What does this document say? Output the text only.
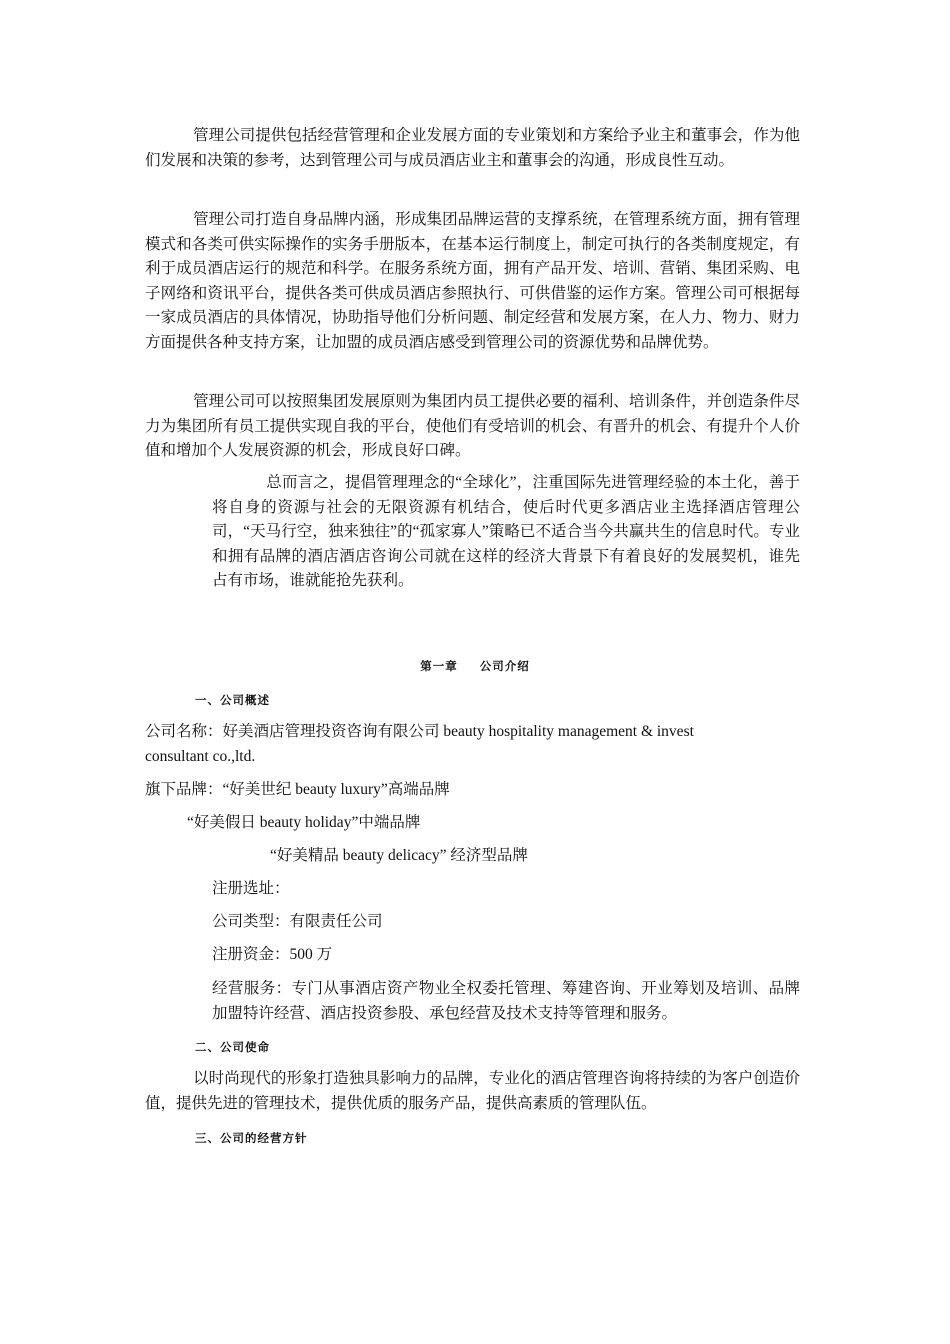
管理公司提供包括经营管理和企业发展方面的专业策划和方案给予业主和董事会，作为他们发展和决策的参考，达到管理公司与成员酒店业主和董事会的沟通，形成良性互动。

管理公司打造自身品牌内涵，形成集团品牌运营的支撑系统，在管理系统方面，拥有管理模式和各类可供实际操作的实务手册版本，在基本运行制度上，制定可执行的各类制度规定，有利于成员酒店运行的规范和科学。在服务系统方面，拥有产品开发、培训、营销、集团采购、电子网络和资讯平台，提供各类可供成员酒店参照执行、可供借鉴的运作方案。管理公司可根据每一家成员酒店的具体情况，协助指导他们分析问题、制定经营和发展方案，在人力、物力、财力方面提供各种支持方案，让加盟的成员酒店感受到管理公司的资源优势和品牌优势。

管理公司可以按照集团发展原则为集团内员工提供必要的福利、培训条件，并创造条件尽力为集团所有员工提供实现自我的平台，使他们有受培训的机会、有晋升的机会、有提升个人价值和增加个人发展资源的机会，形成良好口碑。

总而言之，提倡管理理念的“全球化”，注重国际先进管理经验的本土化，善于将自身的资源与社会的无限资源有机结合，使后时代更多酒店业主选择酒店管理公司，“天马行空，独来独往”的“孤家寡人”策略已不适合当今共赢共生的信息时代。专业和拥有品牌的酒店酒店咨询公司就在这样的经济大背景下有着良好的发展契机，谁先占有市场，谁就能抢先获利。

第一章 公司介绍
一、公司概述

公司名称：好美酒店管理投资咨询有限公司 beauty hospitality management & invest

consultant co.,ltd.

旗下品牌：“好美世纪 beauty luxury”高端品牌

“好美假日 beauty holiday”中端品牌

“好美精品 beauty delicacy” 经济型品牌

注册选址：

公司类型：有限责任公司

注册资金：500 万

经营服务：专门从事酒店资产物业全权委托管理、筹建咨询、开业筹划及培训、品牌加盟特许经营、酒店投资参股、承包经营及技术支持等管理和服务。

二、公司使命

以时尚现代的形象打造独具影响力的品牌，专业化的酒店管理咨询将持续的为客户创造价值，提供先进的管理技术，提供优质的服务产品，提供高素质的管理队伍。

三、公司的经营方针
